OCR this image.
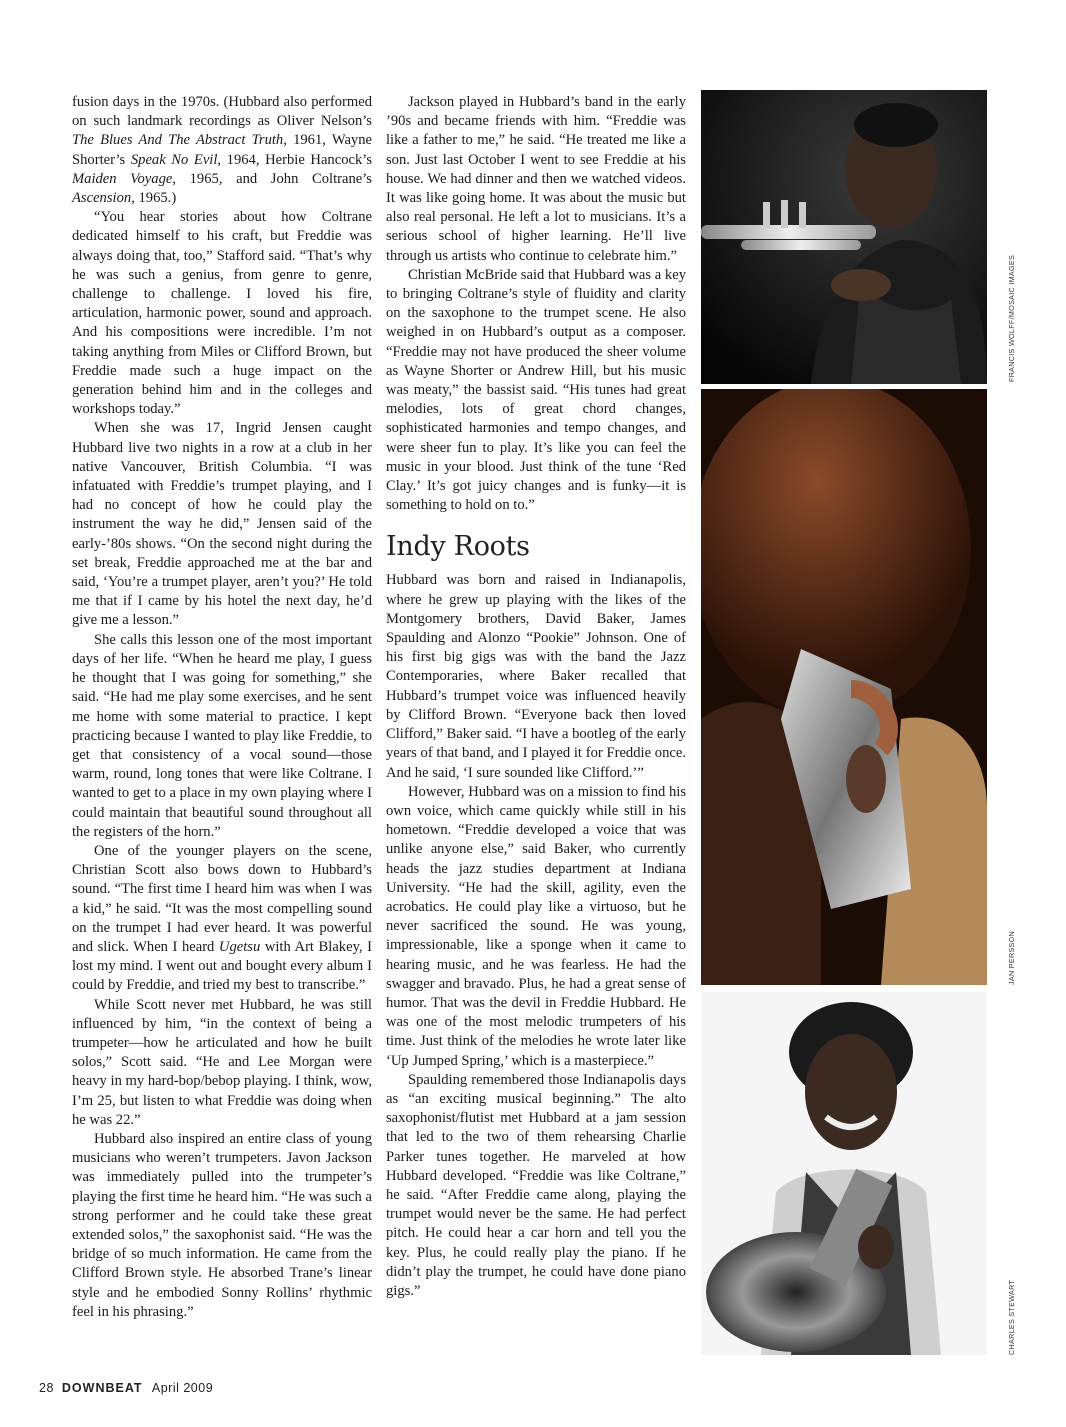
fusion days in the 1970s. (Hubbard also performed on such landmark recordings as Oliver Nelson’s The Blues And The Abstract Truth, 1961, Wayne Shorter’s Speak No Evil, 1964, Herbie Hancock’s Maiden Voyage, 1965, and John Coltrane’s Ascension, 1965.)

“You hear stories about how Coltrane dedicated himself to his craft, but Freddie was always doing that, too,” Stafford said. “That’s why he was such a genius, from genre to genre, challenge to challenge. I loved his fire, articulation, harmonic power, sound and approach. And his compositions were incredible. I’m not taking anything from Miles or Clifford Brown, but Freddie made such a huge impact on the generation behind him and in the colleges and workshops today.”

When she was 17, Ingrid Jensen caught Hubbard live two nights in a row at a club in her native Vancouver, British Columbia. “I was infatuated with Freddie’s trumpet playing, and I had no concept of how he could play the instrument the way he did,” Jensen said of the early-’80s shows. “On the second night during the set break, Freddie approached me at the bar and said, ‘You’re a trumpet player, aren’t you?’ He told me that if I came by his hotel the next day, he’d give me a lesson.”

She calls this lesson one of the most important days of her life. “When he heard me play, I guess he thought that I was going for something,” she said. “He had me play some exercises, and he sent me home with some material to practice. I kept practicing because I wanted to play like Freddie, to get that consistency of a vocal sound—those warm, round, long tones that were like Coltrane. I wanted to get to a place in my own playing where I could maintain that beautiful sound throughout all the registers of the horn.”

One of the younger players on the scene, Christian Scott also bows down to Hubbard’s sound. “The first time I heard him was when I was a kid,” he said. “It was the most compelling sound on the trumpet I had ever heard. It was powerful and slick. When I heard Ugetsu with Art Blakey, I lost my mind. I went out and bought every album I could by Freddie, and tried my best to transcribe.”

While Scott never met Hubbard, he was still influenced by him, “in the context of being a trumpeter—how he articulated and how he built solos,” Scott said. “He and Lee Morgan were heavy in my hard-bop/bebop playing. I think, wow, I’m 25, but listen to what Freddie was doing when he was 22.”

Hubbard also inspired an entire class of young musicians who weren’t trumpeters. Javon Jackson was immediately pulled into the trumpeter’s playing the first time he heard him. “He was such a strong performer and he could take these great extended solos,” the saxophonist said. “He was the bridge of so much information. He came from the Clifford Brown style. He absorbed Trane’s linear style and he embodied Sonny Rollins’ rhythmic feel in his phrasing.”

Jackson played in Hubbard’s band in the early ’90s and became friends with him. “Freddie was like a father to me,” he said. “He treated me like a son. Just last October I went to see Freddie at his house. We had dinner and then we watched videos. It was like going home. It was about the music but also real personal. He left a lot to musicians. It’s a serious school of higher learning. He’ll live through us artists who continue to celebrate him.”

Christian McBride said that Hubbard was a key to bringing Coltrane’s style of fluidity and clarity on the saxophone to the trumpet scene. He also weighed in on Hubbard’s output as a composer. “Freddie may not have produced the sheer volume as Wayne Shorter or Andrew Hill, but his music was meaty,” the bassist said. “His tunes had great melodies, lots of great chord changes, sophisticated harmonies and tempo changes, and were sheer fun to play. It’s like you can feel the music in your blood. Just think of the tune ‘Red Clay.’ It’s got juicy changes and is funky—it is something to hold on to.”

Indy Roots

Hubbard was born and raised in Indianapolis, where he grew up playing with the likes of the Montgomery brothers, David Baker, James Spaulding and Alonzo “Pookie” Johnson. One of his first big gigs was with the band the Jazz Contemporaries, where Baker recalled that Hubbard’s trumpet voice was influenced heavily by Clifford Brown. “Everyone back then loved Clifford,” Baker said. “I have a bootleg of the early years of that band, and I played it for Freddie once. And he said, ‘I sure sounded like Clifford.’”

However, Hubbard was on a mission to find his own voice, which came quickly while still in his hometown. “Freddie developed a voice that was unlike anyone else,” said Baker, who currently heads the jazz studies department at Indiana University. “He had the skill, agility, even the acrobatics. He could play like a virtuoso, but he never sacrificed the sound. He was young, impressionable, like a sponge when it came to hearing music, and he was fearless. He had the swagger and bravado. Plus, he had a great sense of humor. That was the devil in Freddie Hubbard. He was one of the most melodic trumpeters of his time. Just think of the melodies he wrote later like ‘Up Jumped Spring,’ which is a masterpiece.”

Spaulding remembered those Indianapolis days as “an exciting musical beginning.” The alto saxophonist/flutist met Hubbard at a jam session that led to the two of them rehearsing Charlie Parker tunes together. He marveled at how Hubbard developed. “Freddie was like Coltrane,” he said. “After Freddie came along, playing the trumpet would never be the same. He had perfect pitch. He could hear a car horn and tell you the key. Plus, he could really play the piano. If he didn’t play the trumpet, he could have done piano gigs.”

FRANCIS WOLFF/MOSAIC IMAGES
JAN PERSSON
CHARLES STEWART
28 DOWNBEAT April 2009
